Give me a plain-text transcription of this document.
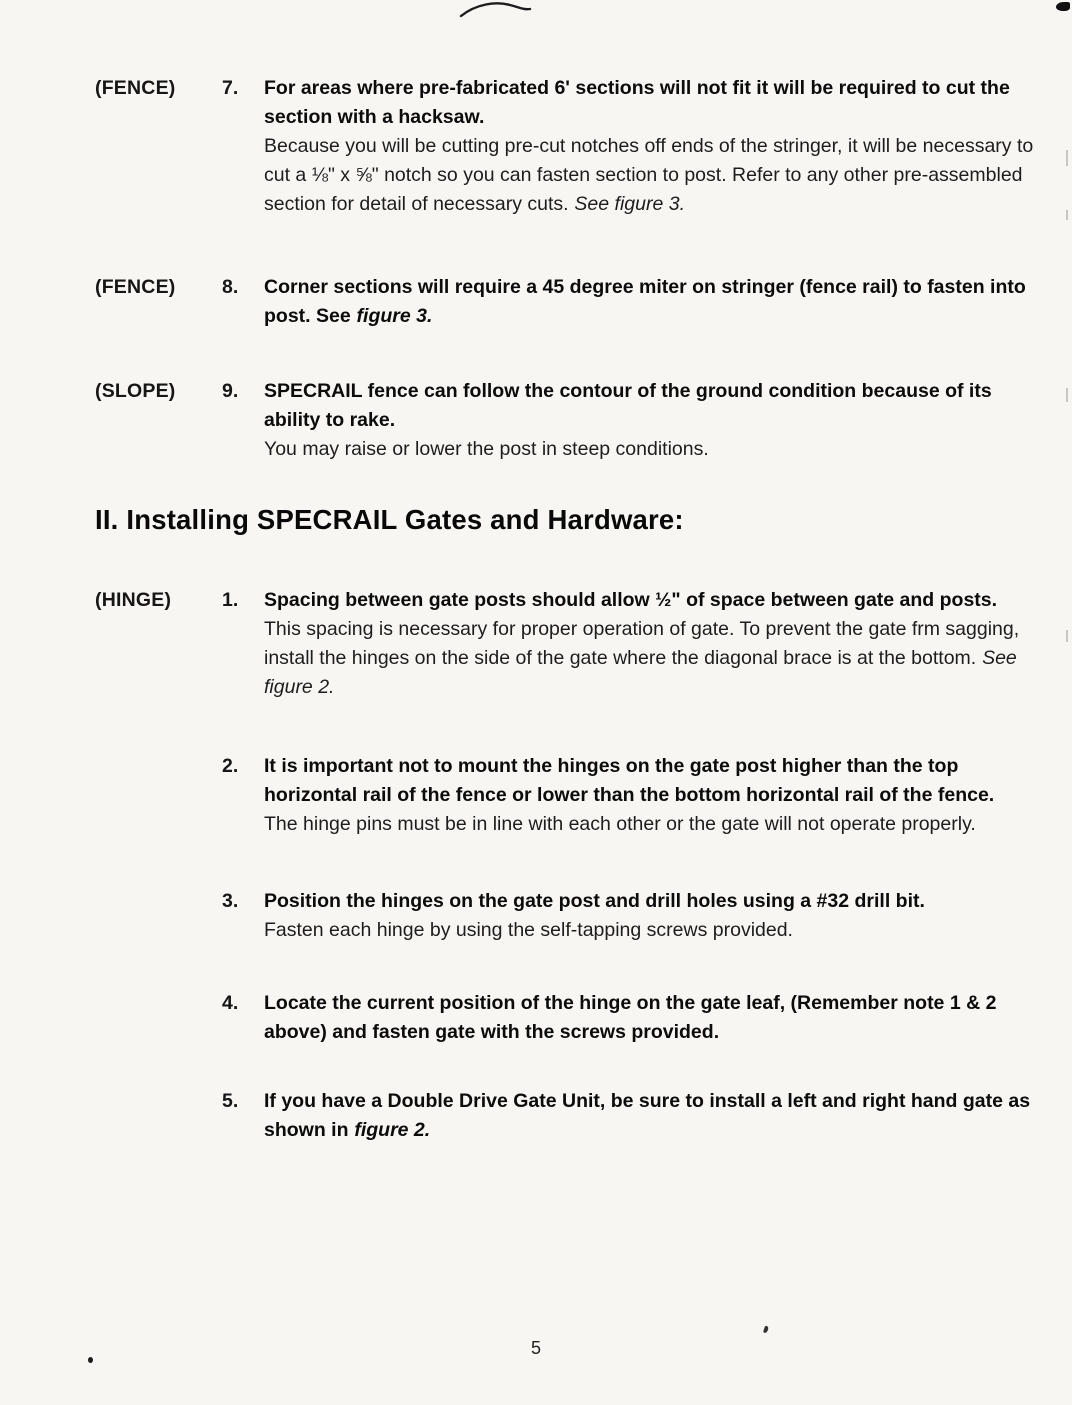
(FENCE)	7.	For areas where pre-fabricated 6' sections will not fit it will be required to cut the section with a hacksaw.

Because you will be cutting pre-cut notches off ends of the stringer, it will be necessary to cut a ⅛" x ⅝" notch so you can fasten section to post. Refer to any other pre-assembled section for detail of necessary cuts. See figure 3.

(FENCE)	8.	Corner sections will require a 45 degree miter on stringer (fence rail) to fasten into post. See figure 3.

(SLOPE)	9.	SPECRAIL fence can follow the contour of the ground condition because of its ability to rake.

You may raise or lower the post in steep conditions.

II. Installing SPECRAIL Gates and Hardware:
(HINGE)	1.	Spacing between gate posts should allow ½" of space between gate and posts.

This spacing is necessary for proper operation of gate. To prevent the gate frm sagging, install the hinges on the side of the gate where the diagonal brace is at the bottom. See figure 2.

2.	It is important not to mount the hinges on the gate post higher than the top horizontal rail of the fence or lower than the bottom horizontal rail of the fence.

The hinge pins must be in line with each other or the gate will not operate properly.

3.	Position the hinges on the gate post and drill holes using a #32 drill bit.

Fasten each hinge by using the self-tapping screws provided.

4.	Locate the current position of the hinge on the gate leaf, (Remember note 1 & 2 above) and fasten gate with the screws provided.

5.	If you have a Double Drive Gate Unit, be sure to install a left and right hand gate as shown in figure 2.

5
